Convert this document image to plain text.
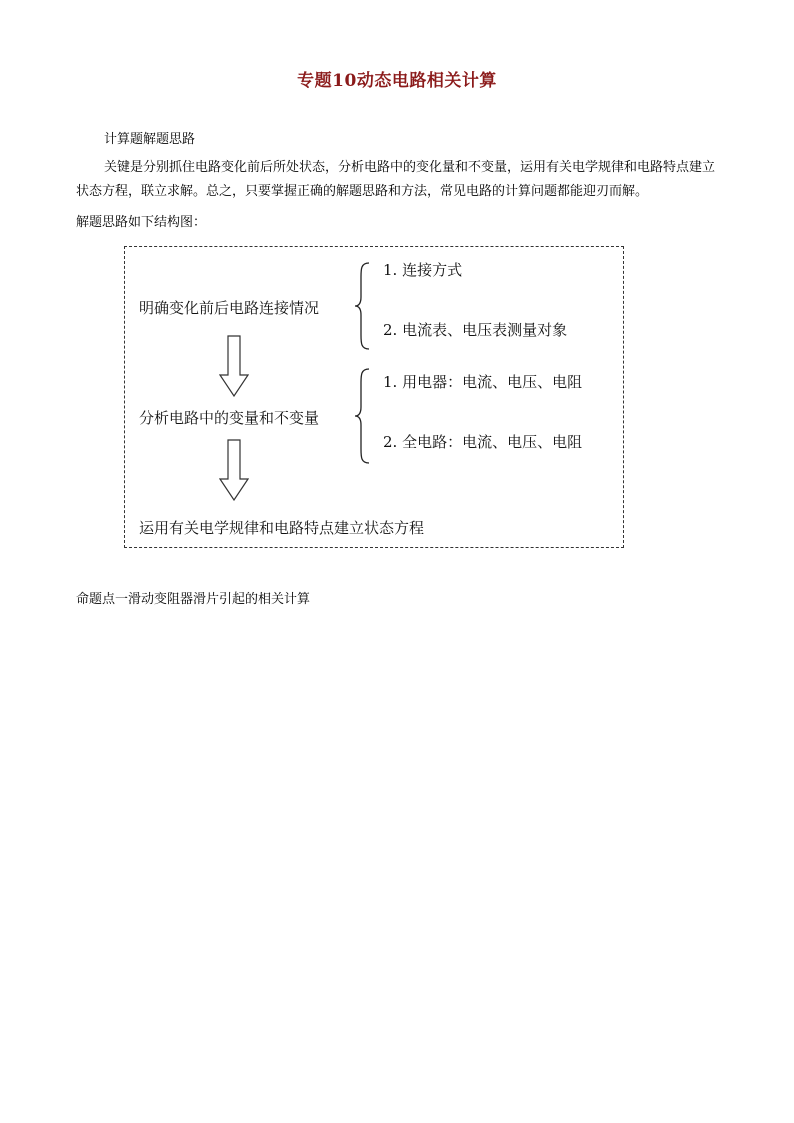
专题10动态电路相关计算
计算题解题思路
关键是分别抓住电路变化前后所处状态，分析电路中的变化量和不变量，运用有关电学规律和电路特点建立状态方程，联立求解。总之，只要掌握正确的解题思路和方法，常见电路的计算问题都能迎刃而解。
解题思路如下结构图：
明确变化前后电路连接情况
1. 连接方式
2. 电流表、电压表测量对象
分析电路中的变量和不变量
1. 用电器：电流、电压、电阻
2. 全电路：电流、电压、电阻
运用有关电学规律和电路特点建立状态方程
命题点一滑动变阻器滑片引起的相关计算
